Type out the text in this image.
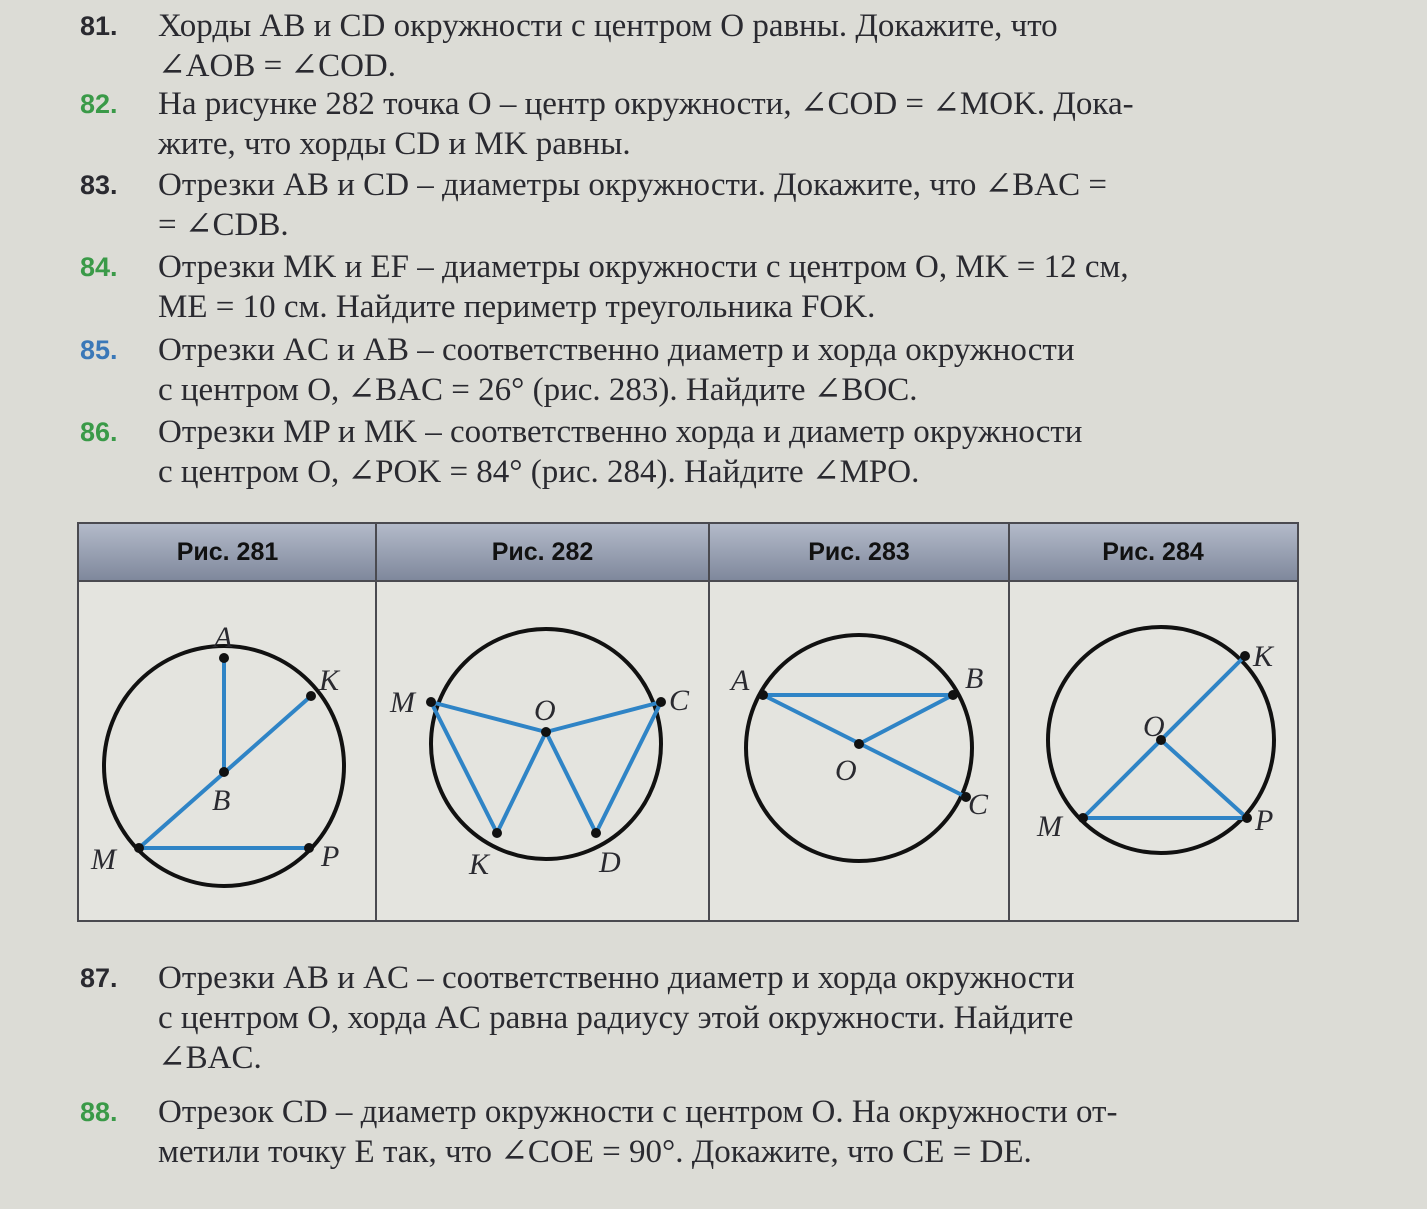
81. Хорды AB и CD окружности с центром O равны. Докажите, что
∠AOB = ∠COD.
82. На рисунке 282 точка O – центр окружности, ∠COD = ∠MOK. Дока-
жите, что хорды CD и MK равны.
83. Отрезки AB и CD – диаметры окружности. Докажите, что ∠BAC =
= ∠CDB.
84. Отрезки MK и EF – диаметры окружности с центром O, MK = 12 см,
ME = 10 см. Найдите периметр треугольника FOK.
85. Отрезки AC и AB – соответственно диаметр и хорда окружности
с центром O, ∠BAC = 26° (рис. 283). Найдите ∠BOC.
86. Отрезки MP и MK – соответственно хорда и диаметр окружности
с центром O, ∠POK = 84° (рис. 284). Найдите ∠MPO.
Рис. 281	Рис. 282	Рис. 283	Рис. 284
A
K
B
M	P
M	O	C
K	D
A	B
O
C
K
O
M	P
87. Отрезки AB и AC – соответственно диаметр и хорда окружности
с центром O, хорда AC равна радиусу этой окружности. Найдите
∠BAC.
88. Отрезок CD – диаметр окружности с центром O. На окружности от-
метили точку E так, что ∠COE = 90°. Докажите, что CE = DE.
